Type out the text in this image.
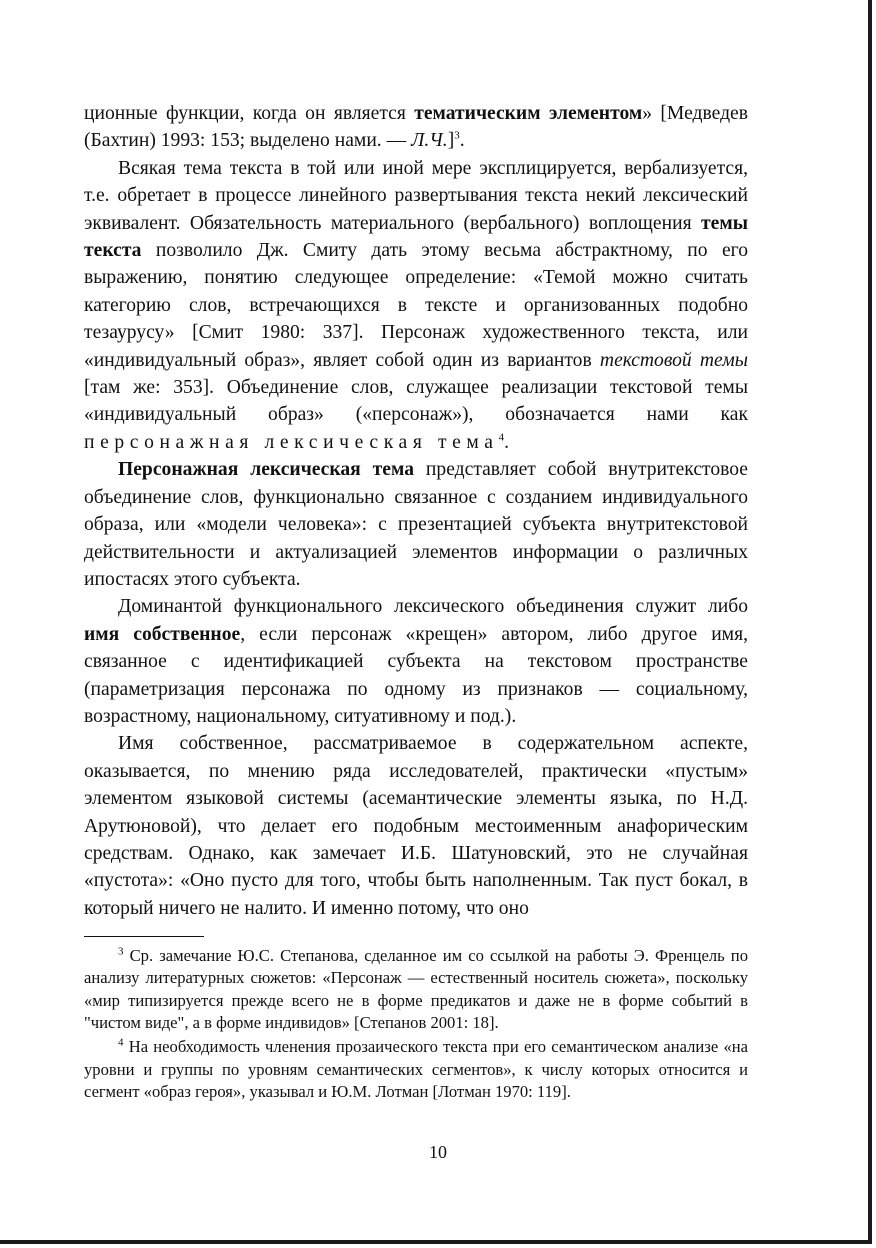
ционные функции, когда он является тематическим элементом» [Медведев (Бахтин) 1993: 153; выделено нами. — Л.Ч.]$^3$.

Всякая тема текста в той или иной мере эксплицируется, вербализуется, т.е. обретает в процессе линейного развертывания текста некий лексический эквивалент. Обязательность материального (вербального) воплощения темы текста позволило Дж. Смиту дать этому весьма абстрактному, по его выражению, понятию следующее определение: «Темой можно считать категорию слов, встречающихся в тексте и организованных подобно тезаурусу» [Смит 1980: 337]. Персонаж художественного текста, или «индивидуальный образ», являет собой один из вариантов текстовой темы [там же: 353]. Объединение слов, служащее реализации текстовой темы «индивидуальный образ» («персонаж»), обозначается нами как персонажная лексическая тема$^4$.

Персонажная лексическая тема представляет собой внутритекстовое объединение слов, функционально связанное с созданием индивидуального образа, или «модели человека»: с презентацией субъекта внутритекстовой действительности и актуализацией элементов информации о различных ипостасях этого субъекта.

Доминантой функционального лексического объединения служит либо имя собственное, если персонаж «крещен» автором, либо другое имя, связанное с идентификацией субъекта на текстовом пространстве (параметризация персонажа по одному из признаков — социальному, возрастному, национальному, ситуативному и под.).

Имя собственное, рассматриваемое в содержательном аспекте, оказывается, по мнению ряда исследователей, практически «пустым» элементом языковой системы (асемантические элементы языка, по Н.Д. Арутюновой), что делает его подобным местоименным анафорическим средствам. Однако, как замечает И.Б. Шатуновский, это не случайная «пустота»: «Оно пусто для того, чтобы быть наполненным. Так пуст бокал, в который ничего не налито. И именно потому, что оно

$^3$ Ср. замечание Ю.С. Степанова, сделанное им со ссылкой на работы Э. Френцель по анализу литературных сюжетов: «Персонаж — естественный носитель сюжета», поскольку «мир типизируется прежде всего не в форме предикатов и даже не в форме событий в "чистом виде", а в форме индивидов» [Степанов 2001: 18].

$^4$ На необходимость членения прозаического текста при его семантическом анализе «на уровни и группы по уровням семантических сегментов», к числу которых относится и сегмент «образ героя», указывал и Ю.М. Лотман [Лотман 1970: 119].

10
